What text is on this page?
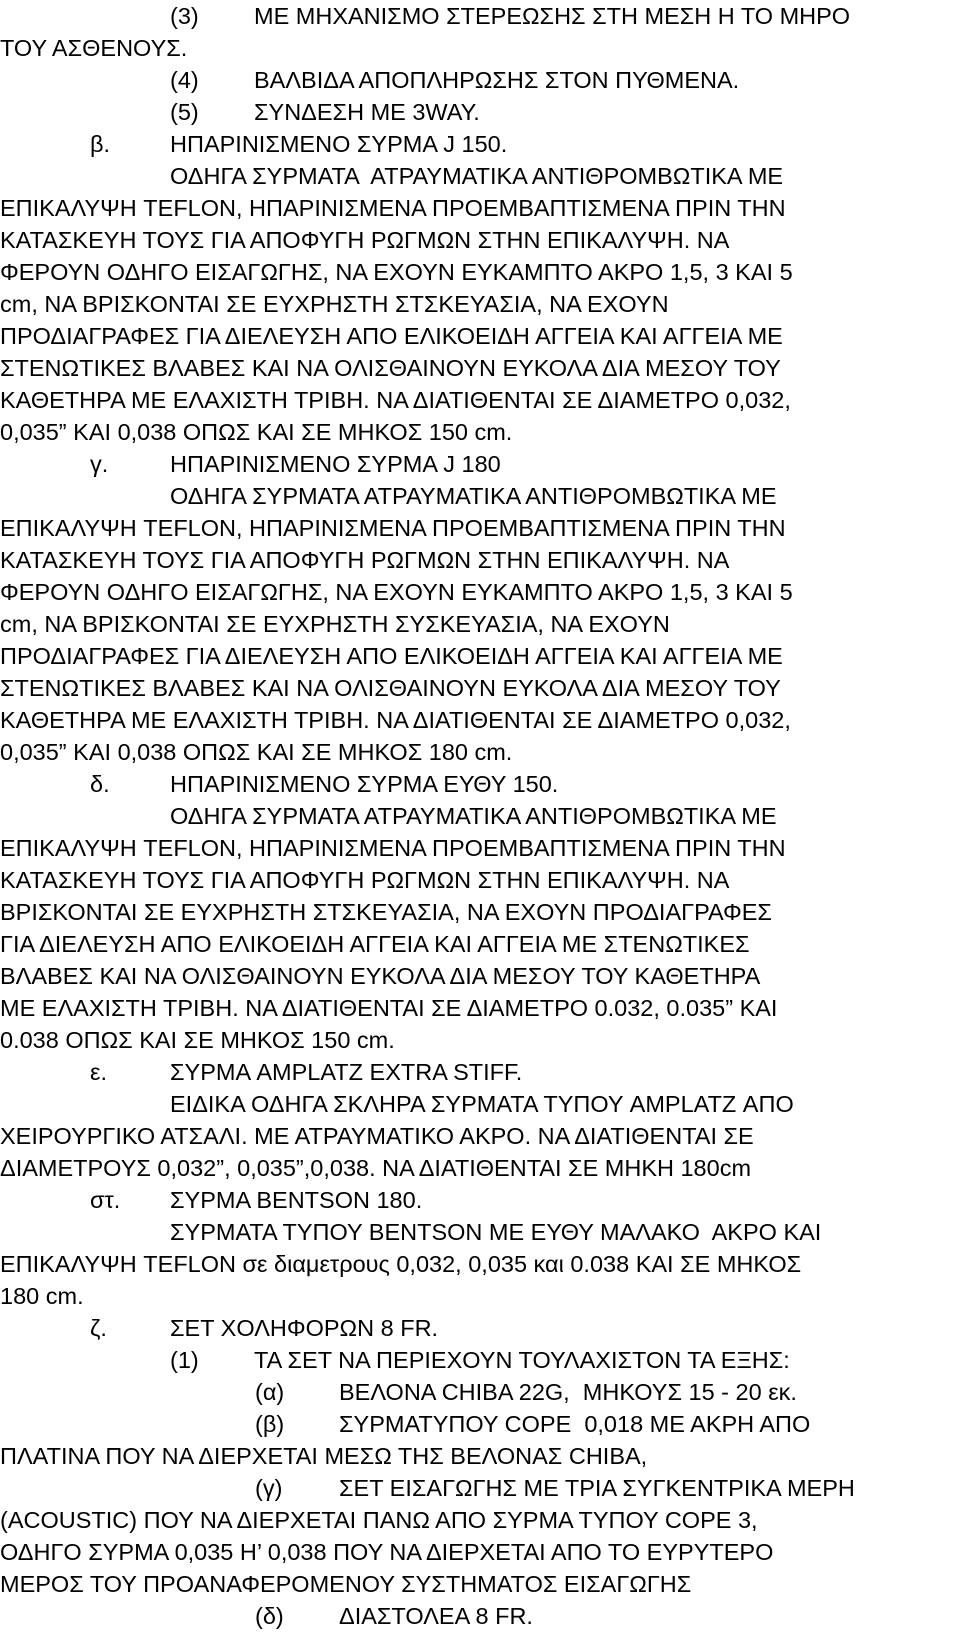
(3) ΜΕ ΜΗΧΑΝΙΣΜΟ ΣΤΕΡΕΩΣΗΣ ΣΤΗ ΜΕΣΗ Η ΤΟ ΜΗΡΟ
ΤΟΥ ΑΣΘΕΝΟΥΣ.
(4) ΒΑΛΒΙΔΑ ΑΠΟΠΛΗΡΩΣΗΣ ΣΤΟΝ ΠΥΘΜΕΝΑ.
(5) ΣΥΝΔΕΣΗ ΜΕ 3WAY.
β.	ΗΠΑΡΙΝΙΣΜΕΝΟ ΣΥΡΜΑ J 150.
ΟΔΗΓΑ ΣΥΡΜΑΤΑ  ΑΤΡΑΥΜΑΤΙΚΑ ΑΝΤΙΘΡΟΜΒΩΤΙΚΑ ΜΕ
ΕΠΙΚΑΛΥΨΗ TEFLON, ΗΠΑΡΙΝΙΣΜΕΝΑ ΠΡΟΕΜΒΑΠΤΙΣΜΕΝΑ ΠΡΙΝ ΤΗΝ
ΚΑΤΑΣΚΕΥΗ ΤΟΥΣ ΓΙΑ ΑΠΟΦΥΓΗ ΡΩΓΜΩΝ ΣΤΗΝ ΕΠΙΚΑΛΥΨΗ. ΝΑ
ΦΕΡΟΥΝ ΟΔΗΓΟ ΕΙΣΑΓΩΓΗΣ, ΝΑ ΕΧΟΥΝ ΕΥΚΑΜΠΤΟ ΑΚΡΟ 1,5, 3 ΚΑΙ 5
cm, ΝΑ ΒΡΙΣΚΟΝΤΑΙ ΣΕ ΕΥΧΡΗΣΤΗ ΣΤΣΚΕΥΑΣΙΑ, ΝΑ ΕΧΟΥΝ
ΠΡΟΔΙΑΓΡΑΦΕΣ ΓΙΑ ΔΙΕΛΕΥΣΗ ΑΠΟ ΕΛΙΚΟΕΙΔΗ ΑΓΓΕΙΑ ΚΑΙ ΑΓΓΕΙΑ ΜΕ
ΣΤΕΝΩΤΙΚΕΣ ΒΛΑΒΕΣ ΚΑΙ ΝΑ ΟΛΙΣΘΑΙΝΟΥΝ ΕΥΚΟΛΑ ΔΙΑ ΜΕΣΟΥ ΤΟΥ
ΚΑΘΕΤΗΡΑ ΜΕ ΕΛΑΧΙΣΤΗ ΤΡΙΒΗ. ΝΑ ΔΙΑΤΙΘΕΝΤΑΙ ΣΕ ΔΙΑΜΕΤΡΟ 0,032,
0,035” ΚΑΙ 0,038 ΟΠΩΣ ΚΑΙ ΣΕ ΜΗΚΟΣ 150 cm.
γ.	ΗΠΑΡΙΝΙΣΜΕΝΟ ΣΥΡΜΑ J 180
ΟΔΗΓΑ ΣΥΡΜΑΤΑ ΑΤΡΑΥΜΑΤΙΚΑ ΑΝΤΙΘΡΟΜΒΩΤΙΚΑ ΜΕ
ΕΠΙΚΑΛΥΨΗ TEFLON, ΗΠΑΡΙΝΙΣΜΕΝΑ ΠΡΟΕΜΒΑΠΤΙΣΜΕΝΑ ΠΡΙΝ ΤΗΝ
ΚΑΤΑΣΚΕΥΗ ΤΟΥΣ ΓΙΑ ΑΠΟΦΥΓΗ ΡΩΓΜΩΝ ΣΤΗΝ ΕΠΙΚΑΛΥΨΗ. ΝΑ
ΦΕΡΟΥΝ ΟΔΗΓΟ ΕΙΣΑΓΩΓΗΣ, ΝΑ ΕΧΟΥΝ ΕΥΚΑΜΠΤΟ ΑΚΡΟ 1,5, 3 ΚΑΙ 5
cm, ΝΑ ΒΡΙΣΚΟΝΤΑΙ ΣΕ ΕΥΧΡΗΣΤΗ ΣΥΣΚΕΥΑΣΙΑ, ΝΑ ΕΧΟΥΝ
ΠΡΟΔΙΑΓΡΑΦΕΣ ΓΙΑ ΔΙΕΛΕΥΣΗ ΑΠΟ ΕΛΙΚΟΕΙΔΗ ΑΓΓΕΙΑ ΚΑΙ ΑΓΓΕΙΑ ΜΕ
ΣΤΕΝΩΤΙΚΕΣ ΒΛΑΒΕΣ ΚΑΙ ΝΑ ΟΛΙΣΘΑΙΝΟΥΝ ΕΥΚΟΛΑ ΔΙΑ ΜΕΣΟΥ ΤΟΥ
ΚΑΘΕΤΗΡΑ ΜΕ ΕΛΑΧΙΣΤΗ ΤΡΙΒΗ. ΝΑ ΔΙΑΤΙΘΕΝΤΑΙ ΣΕ ΔΙΑΜΕΤΡΟ 0,032,
0,035” ΚΑΙ 0,038 ΟΠΩΣ ΚΑΙ ΣΕ ΜΗΚΟΣ 180 cm.
δ.	ΗΠΑΡΙΝΙΣΜΕΝΟ ΣΥΡΜΑ ΕΥΘΥ 150.
ΟΔΗΓΑ ΣΥΡΜΑΤΑ ΑΤΡΑΥΜΑΤΙΚΑ ΑΝΤΙΘΡΟΜΒΩΤΙΚΑ ΜΕ
ΕΠΙΚΑΛΥΨΗ TEFLON, ΗΠΑΡΙΝΙΣΜΕΝΑ ΠΡΟΕΜΒΑΠΤΙΣΜΕΝΑ ΠΡΙΝ ΤΗΝ
ΚΑΤΑΣΚΕΥΗ ΤΟΥΣ ΓΙΑ ΑΠΟΦΥΓΗ ΡΩΓΜΩΝ ΣΤΗΝ ΕΠΙΚΑΛΥΨΗ. ΝΑ
ΒΡΙΣΚΟΝΤΑΙ ΣΕ ΕΥΧΡΗΣΤΗ ΣΤΣΚΕΥΑΣΙΑ, ΝΑ ΕΧΟΥΝ ΠΡΟΔΙΑΓΡΑΦΕΣ
ΓΙΑ ΔΙΕΛΕΥΣΗ ΑΠΟ ΕΛΙΚΟΕΙΔΗ ΑΓΓΕΙΑ ΚΑΙ ΑΓΓΕΙΑ ΜΕ ΣΤΕΝΩΤΙΚΕΣ
ΒΛΑΒΕΣ ΚΑΙ ΝΑ ΟΛΙΣΘΑΙΝΟΥΝ ΕΥΚΟΛΑ ΔΙΑ ΜΕΣΟΥ ΤΟΥ ΚΑΘΕΤΗΡΑ
ΜΕ ΕΛΑΧΙΣΤΗ ΤΡΙΒΗ. ΝΑ ΔΙΑΤΙΘΕΝΤΑΙ ΣΕ ΔΙΑΜΕΤΡΟ 0.032, 0.035” ΚΑΙ
0.038 ΟΠΩΣ ΚΑΙ ΣΕ ΜΗΚΟΣ 150 cm.
ε.	ΣΥΡΜΑ AMPLATZ EXTRA STIFF.
ΕΙΔΙΚΑ ΟΔΗΓΑ ΣΚΛΗΡΑ ΣΥΡΜΑΤΑ ΤΥΠΟΥ AMPLATZ ΑΠΟ
ΧΕΙΡΟΥΡΓΙΚΟ ΑΤΣΑΛΙ. ΜΕ ΑΤΡΑΥΜΑΤΙΚΟ ΑΚΡΟ. ΝΑ ΔΙΑΤΙΘΕΝΤΑΙ ΣΕ
ΔΙΑΜΕΤΡΟΥΣ 0,032”, 0,035”,0,038. ΝΑ ΔΙΑΤΙΘΕΝΤΑΙ ΣΕ ΜΗΚΗ 180cm
στ. ΣΥΡΜΑ BENTSON 180.
ΣΥΡΜΑΤΑ ΤΥΠΟΥ BENTSON ΜΕ ΕΥΘΥ ΜΑΛΑΚΟ  ΑΚΡΟ ΚΑΙ
ΕΠΙΚΑΛΥΨΗ TEFLON σε διαμετρους 0,032, 0,035 και 0.038 ΚΑΙ ΣΕ ΜΗΚΟΣ
180 cm.
ζ.	ΣΕΤ ΧΟΛΗΦΟΡΩΝ 8 FR.
(1) ΤΑ ΣΕΤ ΝΑ ΠΕΡΙΕΧΟΥΝ ΤΟΥΛΑΧΙΣΤΟΝ ΤΑ ΕΞΗΣ:
(α) ΒΕΛΟΝΑ CHIBA 22G,  ΜΗΚΟΥΣ 15 - 20 εκ.
(β) ΣΥΡΜΑΤΥΠΟΥ COPE  0,018 ΜΕ ΑΚΡΗ ΑΠΟ
ΠΛΑΤΙΝΑ ΠΟΥ ΝΑ ΔΙΕΡΧΕΤΑΙ ΜΕΣΩ ΤΗΣ ΒΕΛΟΝΑΣ CHIBA,
(γ) ΣΕΤ ΕΙΣΑΓΩΓΗΣ ΜΕ ΤΡΙΑ ΣΥΓΚΕΝΤΡΙΚΑ ΜΕΡΗ
(ACOUSTIC) ΠΟΥ ΝΑ ΔΙΕΡΧΕΤΑΙ ΠΑΝΩ ΑΠΟ ΣΥΡΜΑ ΤΥΠΟΥ COPE 3,
ΟΔΗΓΟ ΣΥΡΜΑ 0,035 Η’ 0,038 ΠΟΥ ΝΑ ΔΙΕΡΧΕΤΑΙ ΑΠΟ ΤΟ ΕΥΡΥΤΕΡΟ
ΜΕΡΟΣ ΤΟΥ ΠΡΟΑΝΑΦΕΡΟΜΕΝΟΥ ΣΥΣΤΗΜΑΤΟΣ ΕΙΣΑΓΩΓΗΣ
(δ) ΔΙΑΣΤΟΛΕΑ 8 FR.
